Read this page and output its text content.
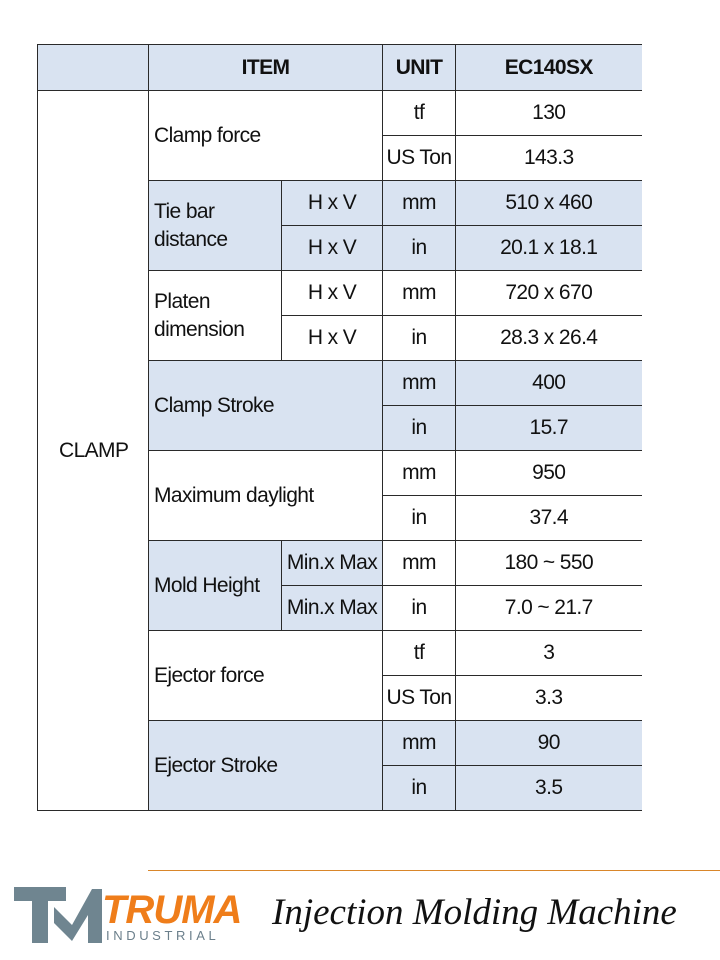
	ITEM		UNIT	EC140SX
CLAMP	Clamp force		tf	130
			US Ton	143.3
	Tie bar distance	H x V	mm	510 x 460
		H x V	in	20.1 x 18.1
	Platen dimension	H x V	mm	720 x 670
		H x V	in	28.3 x 26.4
	Clamp Stroke		mm	400
			in	15.7
	Maximum daylight		mm	950
			in	37.4
	Mold Height	Min.x Max	mm	180 ~ 550
		Min.x Max	in	7.0 ~ 21.7
	Ejector force		tf	3
			US Ton	3.3
	Ejector Stroke		mm	90
			in	3.5
TRUMA
INDUSTRIAL
Injection Molding Machine
